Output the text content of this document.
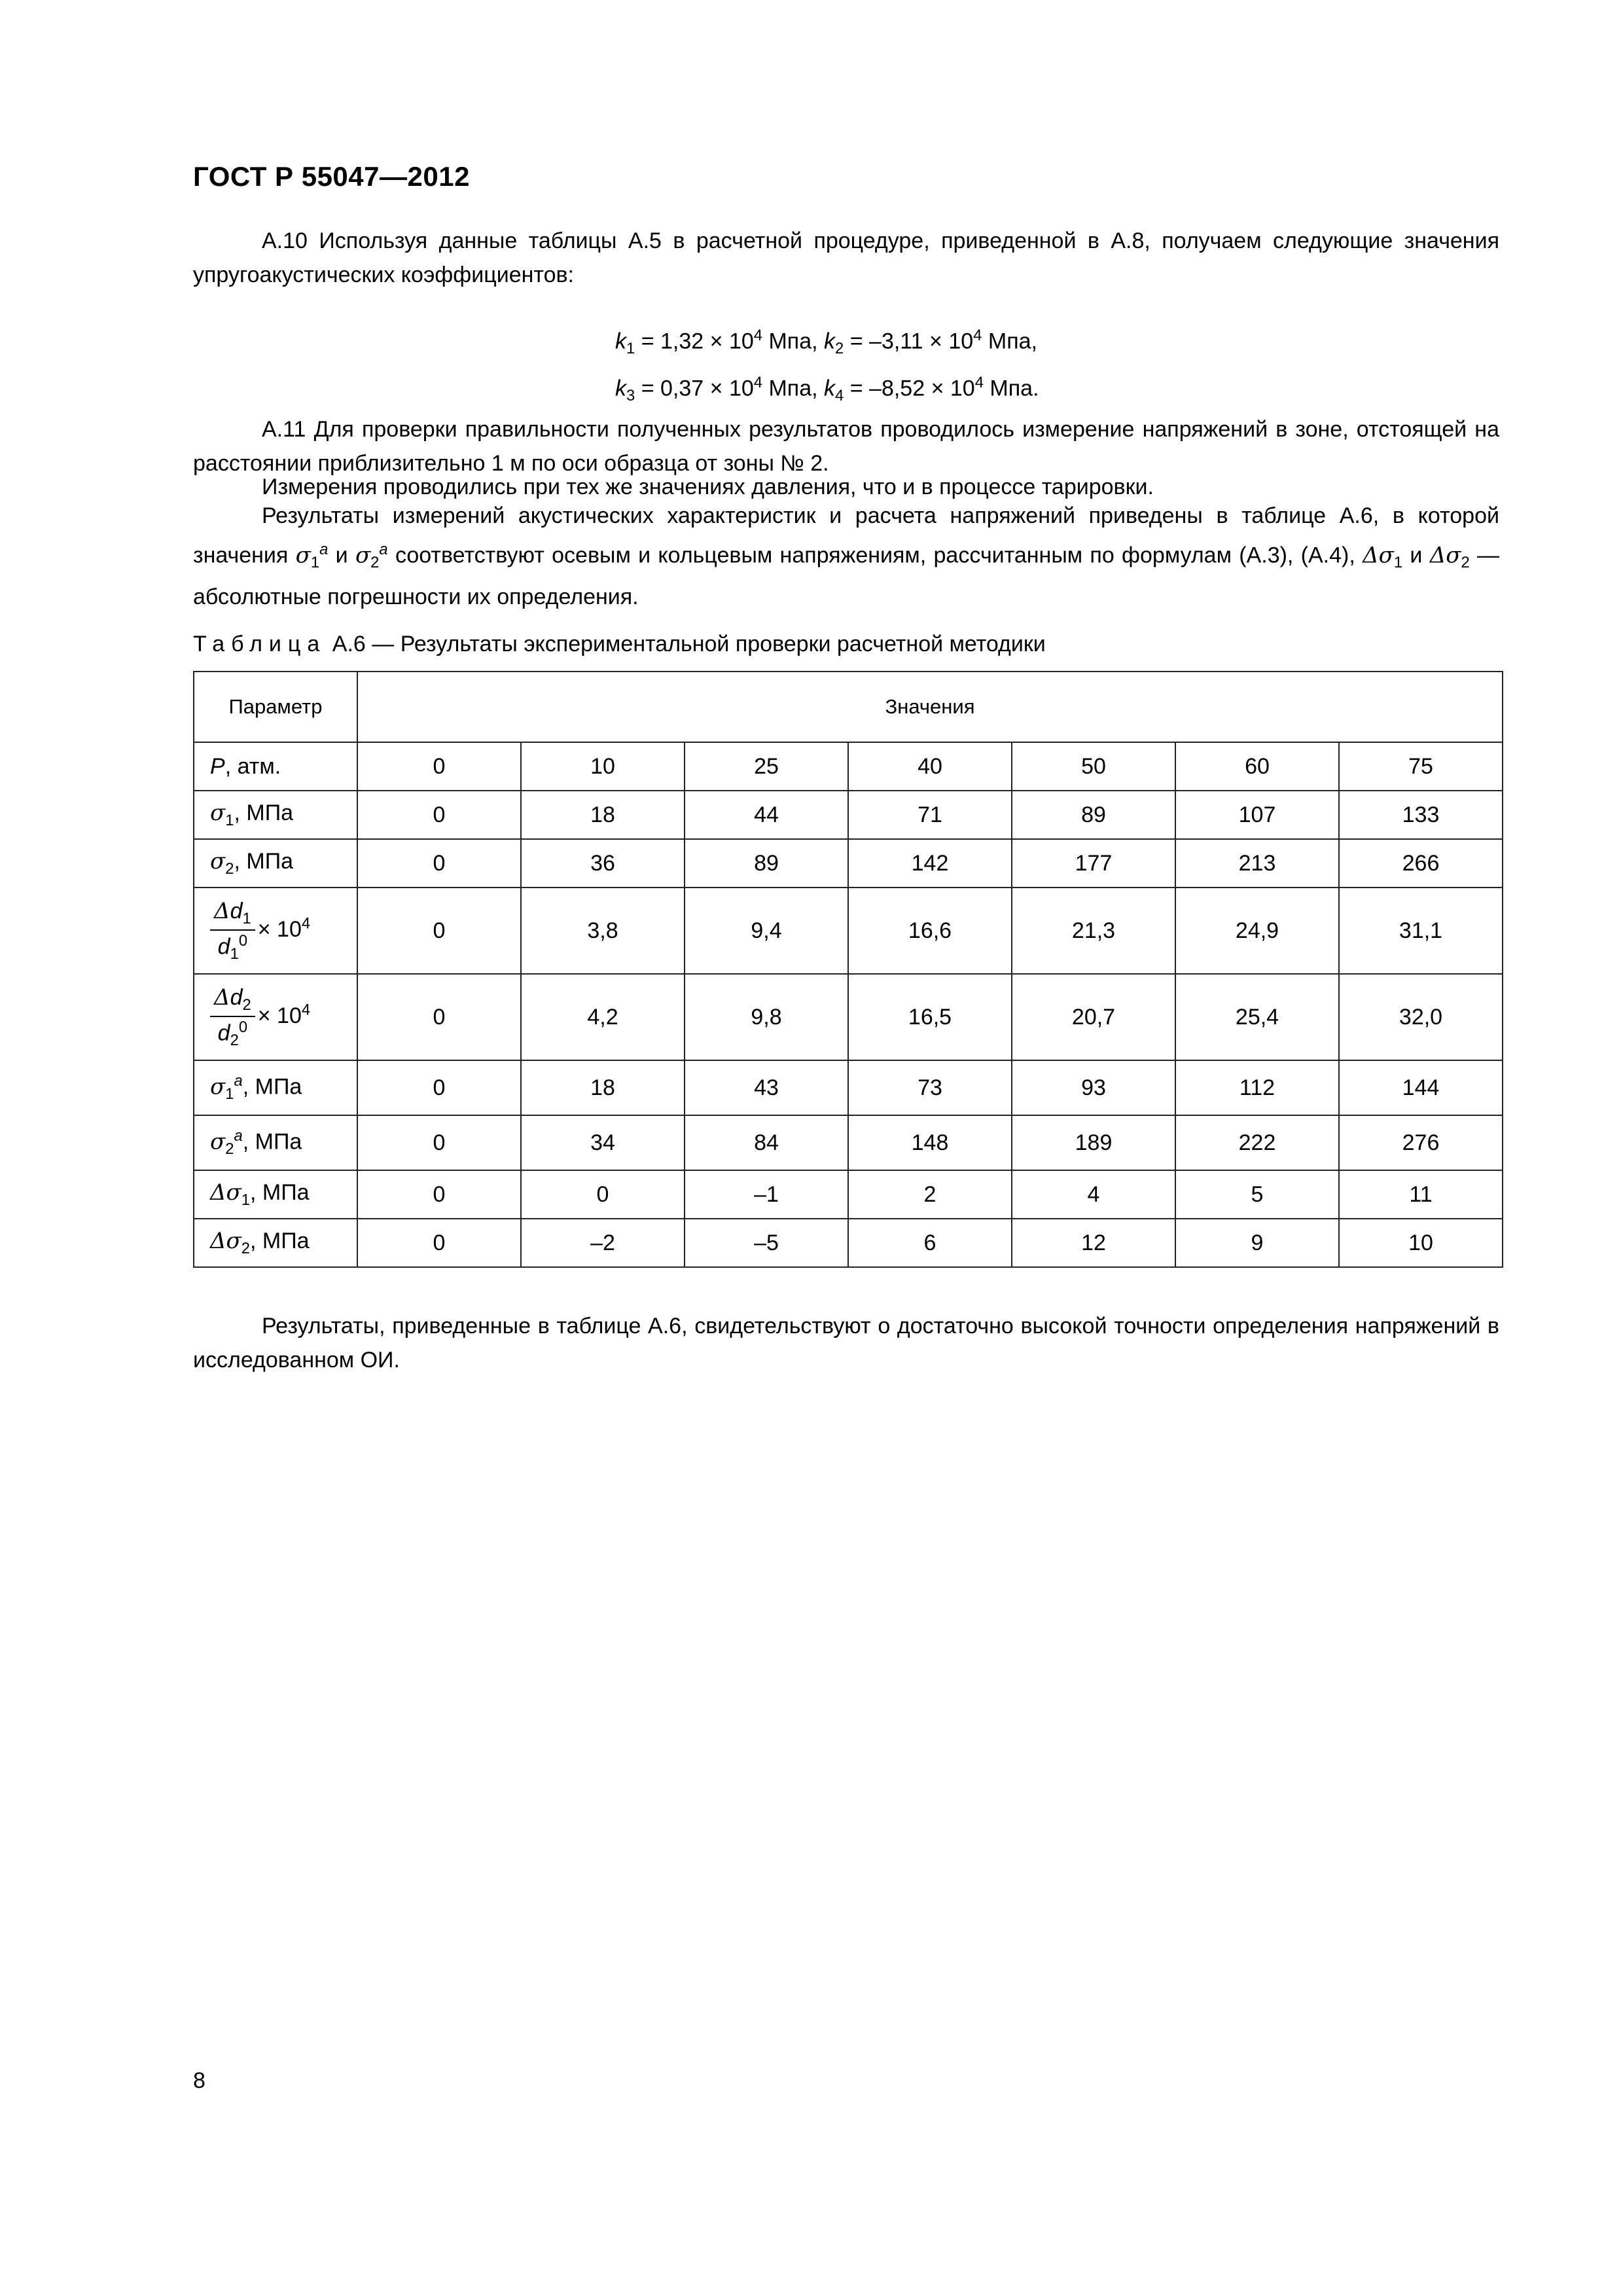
ГОСТ Р 55047—2012
А.10 Используя данные таблицы А.5 в расчетной процедуре, приведенной в А.8, получаем следующие значения упругоакустических коэффициентов:
$k_1 = 1,32 \times 10^4$ Мпа, $k_2 = -3,11 \times 10^4$ Мпа,
$k_3 = 0,37 \times 10^4$ Мпа, $k_4 = -8,52 \times 10^4$ Мпа.
А.11 Для проверки правильности полученных результатов проводилось измерение напряжений в зоне, отстоящей на расстоянии приблизительно 1 м по оси образца от зоны № 2.
Измерения проводились при тех же значениях давления, что и в процессе тарировки.
Результаты измерений акустических характеристик и расчета напряжений приведены в таблице А.6, в которой значения $\sigma_1^a$ и $\sigma_2^a$ соответствуют осевым и кольцевым напряжениям, рассчитанным по формулам (А.3), (А.4), $\Delta\sigma_1$ и $\Delta\sigma_2$ — абсолютные погрешности их определения.
Таблица А.6 — Результаты экспериментальной проверки расчетной методики
Параметр	Значения						
P, атм.	0	10	25	40	50	60	75
$\sigma_1$, МПа	0	18	44	71	89	107	133
$\sigma_2$, МПа	0	36	89	142	177	213	266

$\frac{\Delta d_1}{d_1^0} \times 10^4$	0	3,8	9,4	16,6	21,3	24,9	31,1

$\frac{\Delta d_2}{d_2^0} \times 10^4$	0	4,2	9,8	16,5	20,7	25,4	32,0
$\sigma_1^a$, МПа	0	18	43	73	93	112	144
$\sigma_2^a$, МПа	0	34	84	148	189	222	276
$\Delta\sigma_1$, МПа	0	0	–1	2	4	5	11
$\Delta\sigma_2$, МПа	0	–2	–5	6	12	9	10
Результаты, приведенные в таблице А.6, свидетельствуют о достаточно высокой точности определения напряжений в исследованном ОИ.
8
